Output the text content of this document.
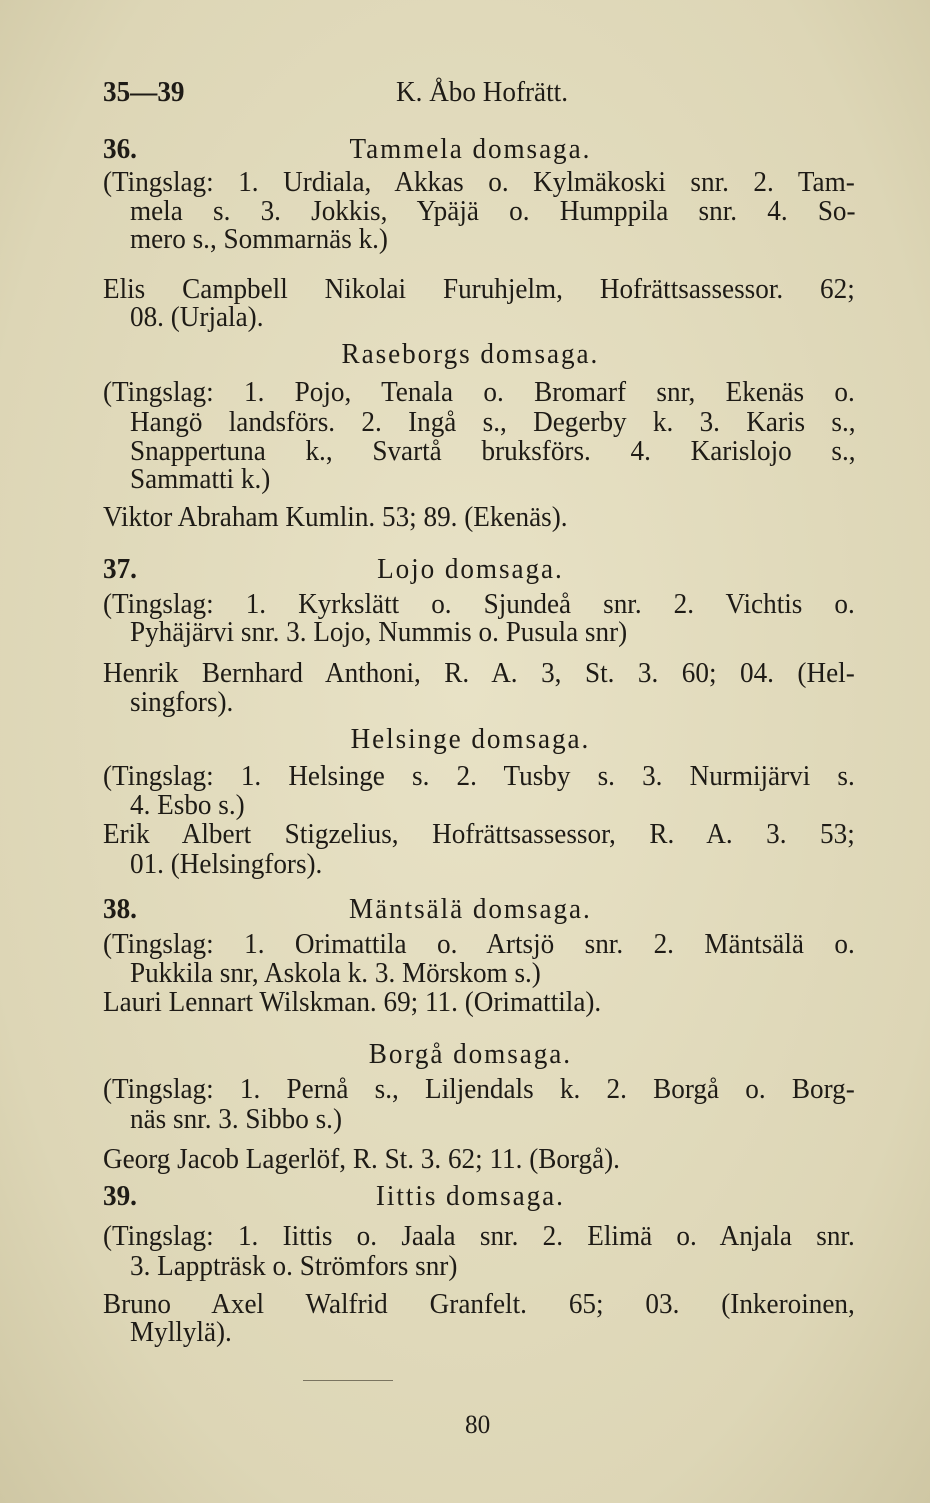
35—39	K. Åbo Hofrätt.
36.	Tammela domsaga.
(Tingslag: 1. Urdiala, Akkas o. Kylmäkoski snr. 2. Tam-
mela s. 3. Jokkis, Ypäjä o. Humppila snr. 4. So-
mero s., Sommarnäs k.)
Elis Campbell Nikolai Furuhjelm, Hofrättsassessor. 62;
08. (Urjala).
Raseborgs domsaga.
(Tingslag: 1. Pojo, Tenala o. Bromarf snr, Ekenäs o.
Hangö landsförs. 2. Ingå s., Degerby k. 3. Karis s.,
Snappertuna k., Svartå bruksförs. 4. Karislojo s.,
Sammatti k.)
Viktor Abraham Kumlin. 53; 89. (Ekenäs).
37.	Lojo domsaga.
(Tingslag: 1. Kyrkslätt o. Sjundeå snr. 2. Vichtis o.
Pyhäjärvi snr. 3. Lojo, Nummis o. Pusula snr)
Henrik Bernhard Anthoni, R. A. 3, St. 3. 60; 04. (Hel-
singfors).
Helsinge domsaga.
(Tingslag: 1. Helsinge s. 2. Tusby s. 3. Nurmijärvi s.
4. Esbo s.)
Erik Albert Stigzelius, Hofrättsassessor, R. A. 3. 53;
01. (Helsingfors).
38.	Mäntsälä domsaga.
(Tingslag: 1. Orimattila o. Artsjö snr. 2. Mäntsälä o.
Pukkila snr, Askola k. 3. Mörskom s.)
Lauri Lennart Wilskman. 69; 11. (Orimattila).
Borgå domsaga.
(Tingslag: 1. Pernå s., Liljendals k. 2. Borgå o. Borg-
näs snr. 3. Sibbo s.)
Georg Jacob Lagerlöf, R. St. 3. 62; 11. (Borgå).
39.	Iittis domsaga.
(Tingslag: 1. Iittis o. Jaala snr. 2. Elimä o. Anjala snr.
3. Lappträsk o. Strömfors snr)
Bruno Axel Walfrid Granfelt. 65; 03. (Inkeroinen,
Myllylä).
80
